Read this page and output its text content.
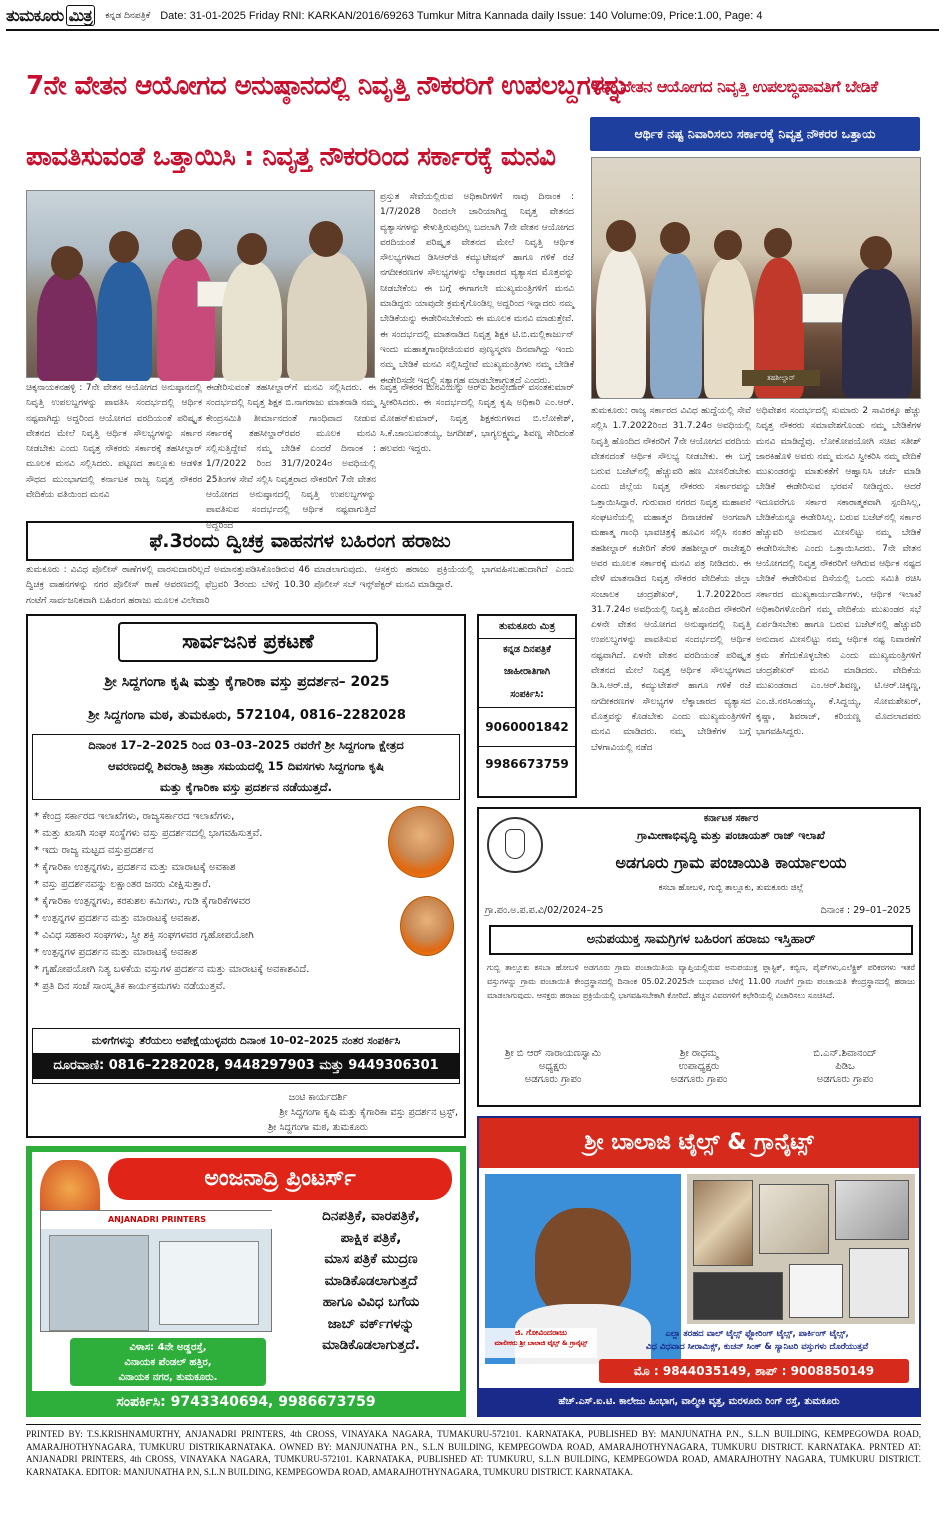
ತುಮಕೂರು ಮಿತ್ರ	ಕನ್ನಡ ದಿನಪತ್ರಿಕೆ Date: 31-01-2025 Friday RNI: KARKAN/2016/69263 Tumkur Mitra Kannada daily Issue: 140 Volume:09, Price:1.00, Page: 4
7ನೇ ವೇತನ ಆಯೋಗದ ಅನುಷ್ಠಾನದಲ್ಲಿ ನಿವೃತ್ತಿ ನೌಕರರಿಗೆ ಉಪಲಬ್ದಗಳನ್ನು
ಪಾವತಿಸುವಂತೆ ಒತ್ತಾಯಿಸಿ : ನಿವೃತ್ತ ನೌಕರರಿಂದ ಸರ್ಕಾರಕ್ಕೆ ಮನವಿ
7ನೇ ವೇತನ ಆಯೋಗದ ನಿವೃತ್ತಿ ಉಪಲಬ್ಧಿಪಾವತಿಗೆ ಬೇಡಿಕೆ
ಆರ್ಥಿಕ ನಷ್ಟ ನಿವಾರಿಸಲು ಸರ್ಕಾರಕ್ಕೆ ನಿವೃತ್ತ ನೌಕರರ ಒತ್ತಾಯ
ಪ್ರಸ್ತುತ ಸೇವೆಯಲ್ಲಿರುವ ಅಧಿಕಾರಿಗಳಿಗೆ ನಾವು ದಿನಾಂಕ : 1/7/2028 ರಿಂದಲೇ ಜಾರಿಯಾಗಿದ್ದ ನಿವೃತ್ತ ವೇತನದ ವ್ಯತ್ಯಾಸಗಳನ್ನು ಕೇಳುತ್ತಿರುವುದಿಲ್ಲ ಬದಲಾಗಿ 7ನೇ ವೇತನ ಆಯೋಗದ ವರದಿಯಂತೆ ಪರಿಷ್ಕೃತ ವೇತನದ ಮೇಲೆ ನಿವೃತ್ತಿ ಆರ್ಥಿಕ ಸೌಲಭ್ಯಗಳಾದ ಡಿಸಿಆರ್‌ಜಿ ಕಮ್ಯುಟೇಷನ್ ಹಾಗೂ ಗಳಿಕೆ ರಜೆ ನಗದೀಕರಣಗಳ ಸೌಲಭ್ಯಗಳನ್ನು ಲೆಕ್ಕಾಚಾರದ ವ್ಯತ್ಯಾಸದ ಮೊತ್ತವನ್ನು ನೀಡಬೇಕೆಂಬ ಈ ಬಗ್ಗೆ ಈಗಾಗಲೇ ಮುಖ್ಯಮಂತ್ರಿಗಳಿಗೆ ಮನವಿ ಮಾಡಿದ್ದರು ಯಾವುದೇ ಕ್ರಮಕೈಗೊಂಡಿಲ್ಲ ಅದ್ದರಿಂದ ಇನ್ನಾದರು ನಮ್ಮ ಬೇಡಿಕೆಯನ್ನು ಈಡೇರಿಸಬೇಕೆಂದು ಈ ಮೂಲಕ ಮನವಿ ಮಾಡುತ್ತೇವೆ. ಈ ಸಂದರ್ಭದಲ್ಲಿ ಮಾತನಾಡಿದ ನಿವೃತ್ತ ಶಿಕ್ಷಕ ಟಿ.ಬಿ.ಮಲ್ಲಿಕಾರ್ಜುನ್ ಇಂದು ಮಹಾತ್ಮಗಾಂಧೀಜಿಯವರ ಪುಣ್ಯಸ್ಮರಣ ದಿನವಾಗಿದ್ದು ಇಂದು ನಮ್ಮ ಬೇಡಿಕೆ ಮನವಿ ಸಲ್ಲಿಸಿದ್ದೇವೆ ಮುಖ್ಯಮಂತ್ರಿಗಳು ನಮ್ಮ ಬೇಡಿಕೆ ಈಡೇರಿಸದೇ ಇದ್ದಲ್ಲಿ ಸತ್ಯಾಗ್ರಹ ಮಾಡಬೇಕಾಗುತ್ತದೆ ಎಂದರು.
ಚಿಕ್ಕನಾಯಕನಹಳ್ಳಿ : 7ನೇ ವೇತನ ಆಯೋಗದ ಅನುಷ್ಠಾನದಲ್ಲಿ ನಿವೃತ್ತಿ ಉಪಲಬ್ದಗಳನ್ನು ಪಾವತಿಸಿ ಸಂದರ್ಭದಲ್ಲಿ ಆರ್ಥಿಕ ನಷ್ಟವಾಗಿದ್ದು ಅದ್ದರಿಂದ ಆಯೋಗದ ವರದಿಯಂತೆ ಪರಿಷ್ಕೃತ ವೇತನದ ಮೇಲೆ ನಿವೃತ್ತಿ ಆರ್ಥಿಕ ಸೌಲಭ್ಯಗಳನ್ನು ಸರ್ಕಾರ ನೀಡಬೇಕು ಎಂದು ನಿವೃತ್ತ ನೌಕರರು ಸರ್ಕಾರಕ್ಕೆ ತಹಸೀಲ್ದಾರ್ ಮೂಲಕ ಮನವಿ ಸಲ್ಲಿಸಿದರು. ಪಟ್ಟಣದ ತಾಲ್ಲೂಕು ಆಡಳಿತ ಸೌಧದ ಮುಂಭಾಗದಲ್ಲಿ ಕರ್ನಾಟಕ ರಾಜ್ಯ ನಿವೃತ್ತ ನೌಕರರ ವೇದಿಕೆಯ ವತಿಯಿಂದ ಮನವಿ
ಈಡೇರಿಸುವಂತೆ ತಹಸೀಲ್ದಾರ್‌ಗೆ ಮನವಿ ಸಲ್ಲಿಸಿದರು. ಈ ಸಂದರ್ಭದಲ್ಲಿ ನಿವೃತ್ತ ಶಿಕ್ಷಕ ಬಿ.ನಾಗರಾಜು ಮಾತನಾಡಿ ನಮ್ಮ ಕೇಂದ್ರಸಮಿತಿ ತೀರ್ಮಾನದಂತೆ ಗಾಂಧಿವಾದ ನೀಡುವ ಸರ್ಕಾರಕ್ಕೆ ತಹಸೀಲ್ದಾರ್‌ರವರ ಮೂಲಕ ಮನವಿ ಸಲ್ಲಿಸುತ್ತಿದ್ದೇವೆ ನಮ್ಮ ಬೇಡಿಕೆ ಏಂದರೆ ದಿನಾಂಕ : 1/7/2022 ರಿಂದ 31/7/2024ರ ಅವಧಿಯಲ್ಲಿ 25ತಿಂಗಳ ಸೇವೆ ಸಲ್ಲಿಸಿ ನಿವೃತ್ತರಾದ ನೌಕರರಿಗೆ 7ನೇ ವೇತನ ಆಯೋಗದ ಅನುಷ್ಠಾನದಲ್ಲಿ ನಿವೃತ್ತಿ ಉಪಲಬ್ಧಗಳನ್ನು ಪಾವತಿಸುವ ಸಂದರ್ಭದಲ್ಲಿ ಆರ್ಥಿಕ ನಷ್ಟವಾಗುತ್ತಿದೆ ಅದ್ದರಿಂದ
ನಿವೃತ್ತ ನೌಕರರ ಮನವಿಯನ್ನು ಆರ್‌ಐ ಶಿರಸ್ತೇದಾರ್ ವಸಂತಕುಮಾರ್ ಸ್ವೀಕರಿಸಿದರು. ಈ ಸಂದರ್ಭದಲ್ಲಿ ನಿವೃತ್ತ ಕೃಷಿ ಅಧಿಕಾರಿ ಎಂ.ಆರ್. ಮೋಹನ್‌ಕುಮಾರ್, ನಿವೃತ್ತ ಶಿಕ್ಷಕರುಗಳಾದ ಬಿ.ಲೋಕೇಶ್, ಸಿ.ಕೆ.ಜಾಂಬವಂತಯ್ಯ, ಜಗದೀಶ್, ಭಾಗ್ಯಲಕ್ಷ್ಮಮ್ಮ, ಶಿವಣ್ಣ ಸೇರಿದಂತೆ ಹಲವರು ಇದ್ದರು.
ತಹಶೀಲ್ದಾರ್
ತುಮಕೂರು: ರಾಜ್ಯ ಸರ್ಕಾರದ ವಿವಿಧ ಹುದ್ದೆಯಲ್ಲಿ ಸೇವೆ ಸಲ್ಲಿಸಿ 1.7.2022ರಿಂದ 31.7.24ರ ಅವಧಿಯಲ್ಲಿ ನಿವೃತ್ತಿ ಹೊಂದಿದ ನೌಕರರಿಗೆ 7ನೇ ಆಯೋಗದ ವರದಿಯ ವೇತನದಂತೆ ಆರ್ಥಿಕ ಸೌಲಭ್ಯ ನೀಡಬೇಕು. ಈ ಬಗ್ಗೆ ಬರುವ ಬಜೆಟ್‌ನಲ್ಲಿ ಹೆಚ್ಚುವರಿ ಹಣ ಮೀಸಲಿಡಬೇಕು ಎಂದು ಜಿಲ್ಲೆಯ ನಿವೃತ್ತ ನೌಕರರು ಸರ್ಕಾರವನ್ನು ಒತ್ತಾಯಿಸಿದ್ದಾರೆ. ಗುರುವಾರ ನಗರದ ನಿವೃತ್ತ ಮಹಾಪನೆ ಸಂಘಟನೆಯಲ್ಲಿ ಮಹಾತ್ಮರ ದಿನಾಚರಣೆ ಅಂಗವಾಗಿ ಮಹಾತ್ಮ ಗಾಂಧಿ ಭಾವಚಿತ್ರಕ್ಕೆ ಹೂವಿನ ಸಲ್ಲಿಸಿ ನಂತರ ತಹಶೀಲ್ದಾರ್ ಕಚೇರಿಗೆ ತೆರಳಿ ತಹಶೀಲ್ದಾರ್ ರಾಜೇಶ್ವರಿ ಅವರ ಮೂಲಕ ಸರ್ಕಾರಕ್ಕೆ ಮನವಿ ಪತ್ರ ನೀಡಿದರು. ಈ ವೇಳೆ ಮಾತನಾಡಿದ ನಿವೃತ್ತ ನೌಕರರ ವೇದಿಕೆಯ ಜಿಲ್ಲಾ ಸಂಚಾಲಕ ಚಂದ್ರಶೇಖರ್, 1.7.2022ರಿಂದ 31.7.24ರ ಅವಧಿಯಲ್ಲಿ ನಿವೃತ್ತಿ ಹೊಂದಿದ ನೌಕರರಿಗೆ ಏಳನೇ ವೇತನ ಆಯೋಗದ ಅನುಷ್ಠಾನದಲ್ಲಿ ನಿವೃತ್ತಿ ಉಪಲಬ್ಧಗಳನ್ನು ಪಾವತಿಸುವ ಸಂದರ್ಭದಲ್ಲಿ ಆರ್ಥಿಕ ನಷ್ಟವಾಗಿದೆ. ಏಳನೇ ವೇತನ ವರದಿಯಂತೆ ಪರಿಷ್ಕೃತ ವೇತನದ ಮೇಲೆ ನಿವೃತ್ತ ಆರ್ಥಿಕ ಸೌಲಭ್ಯಗಳಾದ ಡಿ.ಸಿ.ಆರ್.ಜಿ, ಕಮ್ಯುಟೇಶನ್ ಹಾಗೂ ಗಳಿಕೆ ರಜೆ ನಗದೀಕರಣಗಳ ಸೌಲಭ್ಯಗಳ ಲೆಕ್ಕಾಚಾರದ ವ್ಯತ್ಯಾಸದ ಮೊತ್ತವನ್ನು ಕೊಡಬೇಕು ಎಂದು ಮುಖ್ಯಮಂತ್ರಿಗಳಿಗೆ ಮನವಿ ಮಾಡಿದರು. ನಮ್ಮ ಬೇಡಿಕೆಗಳ ಬಗ್ಗೆ ಬೆಳಗಾವಿಯಲ್ಲಿ ನಡೆದ
ಅಧಿವೇಶನ ಸಂದರ್ಭದಲ್ಲಿ ಸುಮಾರು 2 ಸಾವಿರಕ್ಕೂ ಹೆಚ್ಚು ನಿವೃತ್ತ ನೌಕರರು ಸಮಾವೇಶಗೊಂಡು ನಮ್ಮ ಬೇಡಿಕೆಗಳ ಮನವಿ ಮಾಡಿದ್ದೆವು. ಲೋಕೋಪಯೋಗಿ ಸಚಿವ ಸತೀಶ್ ಜಾರಕಿಹೊಳಿ ಅವರು ನಮ್ಮ ಮನವಿ ಸ್ವೀಕರಿಸಿ ನಮ್ಮ ವೇದಿಕೆ ಮುಖಂಡರನ್ನು ಮಾತುಕತೆಗೆ ಆಹ್ವಾನಿಸಿ ಚರ್ಚೆ ಮಾಡಿ ಬೇಡಿಕೆ ಈಡೇರಿಸುವ ಭರವಸೆ ನೀಡಿದ್ದರು. ಆದರೆ ಇದೂವರೆಗೂ ಸರ್ಕಾರ ಸಕಾರಾತ್ಮಕವಾಗಿ ಸ್ಪಂದಿಸಿಲ್ಲ, ಬೇಡಿಕೆಯನ್ನೂ ಈಡೇರಿಸಿಲ್ಲ. ಬರುವ ಬಜೆಟ್‌ನಲ್ಲಿ ಸರ್ಕಾರ ಹೆಚ್ಚುವರಿ ಅನುದಾನ ಮೀಸಲಿಟ್ಟು ನಮ್ಮ ಬೇಡಿಕೆ ಈಡೇರಿಸಬೇಕು ಎಂದು ಒತ್ತಾಯಿಸಿದರು. 7ನೇ ವೇತನ ಆಯೋಗದಲ್ಲಿ ನಿವೃತ್ತ ನೌಕರರಿಗೆ ಆಗಿರುವ ಆರ್ಥಿಕ ನಷ್ಟದ ಬೇಡಿಕೆ ಈಡೇರಿಸುವ ದಿಸೆಯಲ್ಲಿ ಒಂದು ಸಮಿತಿ ರಚಿಸಿ ಸರ್ಕಾರದ ಮುಖ್ಯಕಾರ್ಯದರ್ಶಿಗಳು, ಆರ್ಥಿಕ ಇಲಾಖೆ ಅಧಿಕಾರಿಗಳೊಂದಿಗೆ ನಮ್ಮ ವೇದಿಕೆಯ ಮುಖಂಡರ ಸಭೆ ಏರ್ಪಡಿಸಬೇಕು ಹಾಗೂ ಬರುವ ಬಜೆಟ್‌ನಲ್ಲಿ ಹೆಚ್ಚುವರಿ ಅನುದಾನ ಮೀಸಲಿಟ್ಟು ನಮ್ಮ ಆರ್ಥಿಕ ನಷ್ಟ ನಿವಾರಣೆಗೆ ಕ್ರಮ ತೆಗೆದುಕೊಳ್ಳಬೇಕು ಎಂದು ಮುಖ್ಯಮಂತ್ರಿಗಳಿಗೆ ಚಂದ್ರಶೇಖರ್ ಮನವಿ ಮಾಡಿದರು. ವೇದಿಕೆಯ ಮುಖಂಡರಾದ ಎಂ.ಆರ್.ಶಿವಣ್ಣ, ಟಿ.ಆರ್.ಚಿಕ್ಕಣ್ಣ, ಎಂ.ಜಿ.ನರಸಿಂಹಯ್ಯ, ಕೆ.ಸಿದ್ದಯ್ಯ, ಸೋಮಶೇಖರ್, ಕೃಷ್ಣಾ, ಶಿವರಾಜ್, ಕರಿಯಣ್ಣ ಮೊದಲಾದವರು ಭಾಗವಹಿಸಿದ್ದರು.
ಫೆ.3ರಂದು ದ್ವಿಚಕ್ರ ವಾಹನಗಳ ಬಹಿರಂಗ ಹರಾಜು
ತುಮಕೂರು : ವಿವಿಧ ಪೊಲೀಸ್ ಠಾಣೆಗಳಲ್ಲಿ ವಾರಸುದಾರರಿಲ್ಲದೆ ಅಮಾನತ್ತುಪಡಿಸಿಕೊಂಡಿರುವ 46 ದ್ವಿಚಕ್ರ ವಾಹನಗಳನ್ನು ನಗರ ಪೊಲೀಸ್ ಠಾಣೆ ಆವರಣದಲ್ಲಿ ಫೆಬ್ರವರಿ 3ರಂದು ಬೆಳಿಗ್ಗೆ 10.30 ಗಂಟೆಗೆ ಸಾರ್ವಜನಿಕವಾಗಿ ಬಹಿರಂಗ ಹರಾಜು ಮೂಲಕ ವಿಲೇವಾರಿ
ಮಾಡಲಾಗುವುದು. ಆಸಕ್ತರು ಹರಾಜು ಪ್ರಕ್ರಿಯೆಯಲ್ಲಿ ಭಾಗವಹಿಸಬಹುದಾಗಿದೆ ಎಂದು ಪೊಲೀಸ್ ಸಬ್ ಇನ್ಸ್‌ಪೆಕ್ಟರ್ ಮನವಿ ಮಾಡಿದ್ದಾರೆ.
ಸಾರ್ವಜನಿಕ ಪ್ರಕಟಣೆ
ಶ್ರೀ ಸಿದ್ದಗಂಗಾ ಕೃಷಿ ಮತ್ತು ಕೈಗಾರಿಕಾ ವಸ್ತು ಪ್ರದರ್ಶನ– 2025
ಶ್ರೀ ಸಿದ್ದಗಂಗಾ ಮಠ, ತುಮಕೂರು, 572104, 0816–2282028
ದಿನಾಂಕ 17–2–2025 ರಿಂದ 03–03–2025 ರವರೆಗೆ ಶ್ರೀ ಸಿದ್ದಗಂಗಾ ಕ್ಷೇತ್ರದ
ಆವರಣದಲ್ಲಿ ಶಿವರಾತ್ರಿ ಜಾತ್ರಾ ಸಮಯದಲ್ಲಿ 15 ದಿವಸಗಳು ಸಿದ್ದಗಂಗಾ ಕೃಷಿ
ಮತ್ತು ಕೈಗಾರಿಕಾ ವಸ್ತು ಪ್ರದರ್ಶನ ನಡೆಯುತ್ತದೆ.
* ಕೇಂದ್ರ ಸರ್ಕಾರದ ಇಲಾಖೆಗಳು, ರಾಜ್ಯಸರ್ಕಾರದ ಇಲಾಖೆಗಳು,
* ಮತ್ತು ಖಾಸಗಿ ಸಂಘ ಸಂಸ್ಥೆಗಳು ವಸ್ತು ಪ್ರದರ್ಶನದಲ್ಲಿ ಭಾಗವಹಿಸುತ್ತವೆ.
* ಇದು ರಾಜ್ಯ ಮಟ್ಟದ ವಸ್ತುಪ್ರದರ್ಶನ
* ಕೈಗಾರಿಕಾ ಉತ್ಪನ್ನಗಳು, ಪ್ರದರ್ಶನ ಮತ್ತು ಮಾರಾಟಕ್ಕೆ ಅವಕಾಶ
* ವಸ್ತು ಪ್ರದರ್ಶನವನ್ನು ಲಕ್ಷಾಂತರ ಜನರು ವೀಕ್ಷಿಸುತ್ತಾರೆ.
* ಕೈಗಾರಿಕಾ ಉತ್ಪನ್ನಗಳು, ಕರಕುಶಲ ಕಮಿಗಳು, ಗುಡಿ ಕೈಗಾರಿಕೆಗಳವರ
* ಉತ್ಪನ್ನಗಳ ಪ್ರದರ್ಶನ ಮತ್ತು ಮಾರಾಟಕ್ಕೆ ಅವಕಾಶ.
* ವಿವಿಧ ಸಹಕಾರ ಸಂಘಗಳು, ಸ್ತ್ರೀ ಶಕ್ತಿ ಸಂಘಗಳವರ ಗೃಹೋಪಯೋಗಿ
* ಉತ್ಪನ್ನಗಳ ಪ್ರದರ್ಶನ ಮತ್ತು ಮಾರಾಟಕ್ಕೆ ಅವಕಾಶ
* ಗೃಹೋಪಯೋಗಿ ನಿತ್ಯ ಬಳಕೆಯ ವಸ್ತುಗಳ ಪ್ರದರ್ಶನ ಮತ್ತು ಮಾರಾಟಕ್ಕೆ ಅವಕಾಶವಿದೆ.
* ಪ್ರತಿ ದಿನ ಸಂಜೆ ಸಾಂಸ್ಕೃತಿಕ ಕಾರ್ಯಕ್ರಮಗಳು ನಡೆಯುತ್ತವೆ.
ಮಳಿಗೆಗಳನ್ನು ತೆರೆಯಲು ಅಪೇಕ್ಷೆಯುಳ್ಳವರು ದಿನಾಂಕ 10–02–2025 ನಂತರ ಸಂಪರ್ಕಿಸಿ
ದೂರವಾಣಿ: 0816–2282028, 9448297903 ಮತ್ತು 9449306301
ಜಂಟಿ ಕಾರ್ಯದರ್ಶಿ
ಶ್ರೀ ಸಿದ್ದಗಂಗಾ ಕೃಷಿ ಮತ್ತು ಕೈಗಾರಿಕಾ ವಸ್ತು ಪ್ರದರ್ಶನ ಟ್ರಸ್ಟ್,
ಶ್ರೀ ಸಿದ್ದಗಂಗಾ ಮಠ, ತುಮಕೂರು
ತುಮಕೂರು ಮಿತ್ರ
ಕನ್ನಡ ದಿನಪತ್ರಿಕೆ
ಜಾಹೀರಾತಿಗಾಗಿ
ಸಂಪರ್ಕಿಸಿ:
9060001842
9986673759
ಕರ್ನಾಟಕ ಸರ್ಕಾರ
ಗ್ರಾಮೀಣಾಭಿವೃದ್ಧಿ ಮತ್ತು ಪಂಚಾಯತ್ ರಾಜ್ ಇಲಾಖೆ
ಅಡಗೂರು ಗ್ರಾಮ ಪಂಚಾಯಿತಿ ಕಾರ್ಯಾಲಯ
ಕಸಬಾ ಹೋಬಳಿ, ಗುಬ್ಬಿ ತಾಲ್ಲೂಕು, ತುಮಕೂರು ಜಿಲ್ಲೆ
ಗ್ರಾ.ಪಂ.ಅ.ಪ.ಪ.ವಿ/02/2024–25	ದಿನಾಂಕ : 29–01–2025
ಅನುಪಯುಕ್ತ ಸಾಮಗ್ರಿಗಳ ಬಹಿರಂಗ ಹರಾಜು ಇಸ್ತಿಹಾರ್
ಗುಬ್ಬಿ ತಾಲ್ಲೂಕು ಕಸಬಾ ಹೋಬಳಿ ಅಡಗೂರು ಗ್ರಾಮ ಪಂಚಾಯಿತಿಯ ವ್ಯಾಪ್ತಿಯಲ್ಲಿರುವ ಅನುಪಯುಕ್ತ ಪ್ಲಾಸ್ಟಿಕ್, ಕಬ್ಬಿಣ, ಪೈಪ್‌ಗಳು,ಎಲೆಕ್ಟ್ರಿಕ್ ಪರಿಕರಗಳು ಇತರೆ ವಸ್ತುಗಳನ್ನು ಗ್ರಾಮ ಪಂಚಾಯಿತಿ ಕೇಂದ್ರಸ್ಥಾನದಲ್ಲಿ ದಿನಾಂಕ 05.02.2025ನೇ ಬುಧವಾರ ಬೆಳಿಗ್ಗೆ 11.00 ಗಂಟೆಗೆ ಗ್ರಾಮ ಪಂಚಾಯತಿ ಕೇಂದ್ರಸ್ಥಾನದಲ್ಲಿ ಹರಾಜು ಮಾಡಲಾಗುವುದು. ಆಸಕ್ತರು ಹರಾಜು ಪ್ರಕ್ರಿಯೆಯಲ್ಲಿ ಭಾಗವಹಿಸಬೇಕಾಗಿ ಕೋರಿದೆ. ಹೆಚ್ಚಿನ ವಿವರಗಳಿಗೆ ಕಛೇರಿಯಲ್ಲಿ ವಿಚಾರಿಸಲು ಸೂಚಿಸಿದೆ.
ಶ್ರೀ ಬಿ ಆರ್ ನಾರಾಯಣಸ್ವಾಮಿ
ಅಧ್ಯಕ್ಷರು
ಅಡಗೂರು ಗ್ರಾಪಂ
ಶ್ರೀ ರಾಧಮ್ಮ
ಉಪಾಧ್ಯಕ್ಷರು
ಅಡಗೂರು ಗ್ರಾಪಂ
ಬಿ.ಎನ್.ಶಿವಾನಂದ್
ಪಿಡಿಒ
ಅಡಗೂರು ಗ್ರಾಪಂ
ಅಂಜನಾದ್ರಿ ಪ್ರಿಂಟರ್ಸ್
ANJANADRI PRINTERS	ದಿನಪತ್ರಿಕೆ, ವಾರಪತ್ರಿಕೆ,
ಪಾಕ್ಷಿಕ ಪತ್ರಿಕೆ,
ಮಾಸ ಪತ್ರಿಕೆ ಮುದ್ರಣ
ಮಾಡಿಕೊಡಲಾಗುತ್ತದೆ
ಹಾಗೂ ವಿವಿಧ ಬಗೆಯ
ಜಾಬ್ ವರ್ಕ್‌ಗಳನ್ನು
ಮಾಡಿಕೊಡಲಾಗುತ್ತದೆ.
ವಿಳಾಸ: 4ನೇ ಅಡ್ಡರಸ್ತೆ,
ವಿನಾಯಕ ಪೆಂಡಲ್ ಹತ್ತಿರ,
ವಿನಾಯಕ ನಗರ, ತುಮಕೂರು.
ಸಂಪರ್ಕಿಸಿ: 9743340694, 9986673759
ಶ್ರೀ ಬಾಲಾಜಿ ಟೈಲ್ಸ್ & ಗ್ರಾನೈಟ್ಸ್
ಜಿ. ಗೋವಿಂದರಾಜು
ಮಾಲೀಕರು ಶ್ರೀ ಬಾಲಾಜಿ ಟೈಲ್ಸ್ & ಗ್ರಾನೈಟ್ಸ್
ಎಲ್ಲಾ ತರಹದ ವಾಲ್ ಟೈಲ್ಸ್ ಫ್ಲೋರಿಂಗ್ ಟೈಲ್ಸ್, ಪಾರ್ಕಿಂಗ್ ಟೈಲ್ಸ್,
ವಿಧ ವಿಧವಾದ ಸೀರಾಮಿಕ್ಸ್, ಕುಚನ್ ಸಿಂಕ್ & ಸ್ಯಾನಿಟರಿ ವಸ್ತುಗಳು ದೊರೆಯುತ್ತವೆ
ಮೊ : 9844035149, ಶಾಪ್ : 9008850149
ಹೆಚ್.ಎಸ್.ಐ.ಟಿ. ಕಾಲೇಜು ಹಿಂಭಾಗ, ವಾಲ್ಮೀಕಿ ವೃತ್ತ, ಮರಳೂರು ರಿಂಗ್ ರಸ್ತೆ, ತುಮಕೂರು
PRINTED BY: T.S.KRISHNAMURTHY, ANJANADRI PRINTERS, 4th CROSS, VINAYAKA NAGARA, TUMAKURU-572101. KARNATAKA, PUBLISHED BY: MANJUNATHA P.N., S.L.N BUILDING, KEMPEGOWDA ROAD, AMARAJHOTHYNAGARA, TUMKURU DISTRIKARNATAKA. OWNED BY: MANJUNATHA P.N., S.L.N BUILDING, KEMPEGOWDA ROAD, AMARAJHOTHYNAGARA, TUMKURU DISTRICT. KARNATAKA. PRNTED AT: ANJANADRI PRINTERS, 4th CROSS, VINAYAKA NAGARA, TUMKURU-572101. KARNATAKA, PUBLISHED AT: TUMKURU, S.L.N BUILDING, KEMPEGOWDA ROAD, AMARAJHOTHY NAGARA, TUMKURU DISTRICT. KARNATAKA. EDITOR: MANJUNATHA P.N, S.L.N BUILDING, KEMPEGOWDA ROAD, AMARAJHOTHYNAGARA, TUMKURU DISTRICT. KARNATAKA.
